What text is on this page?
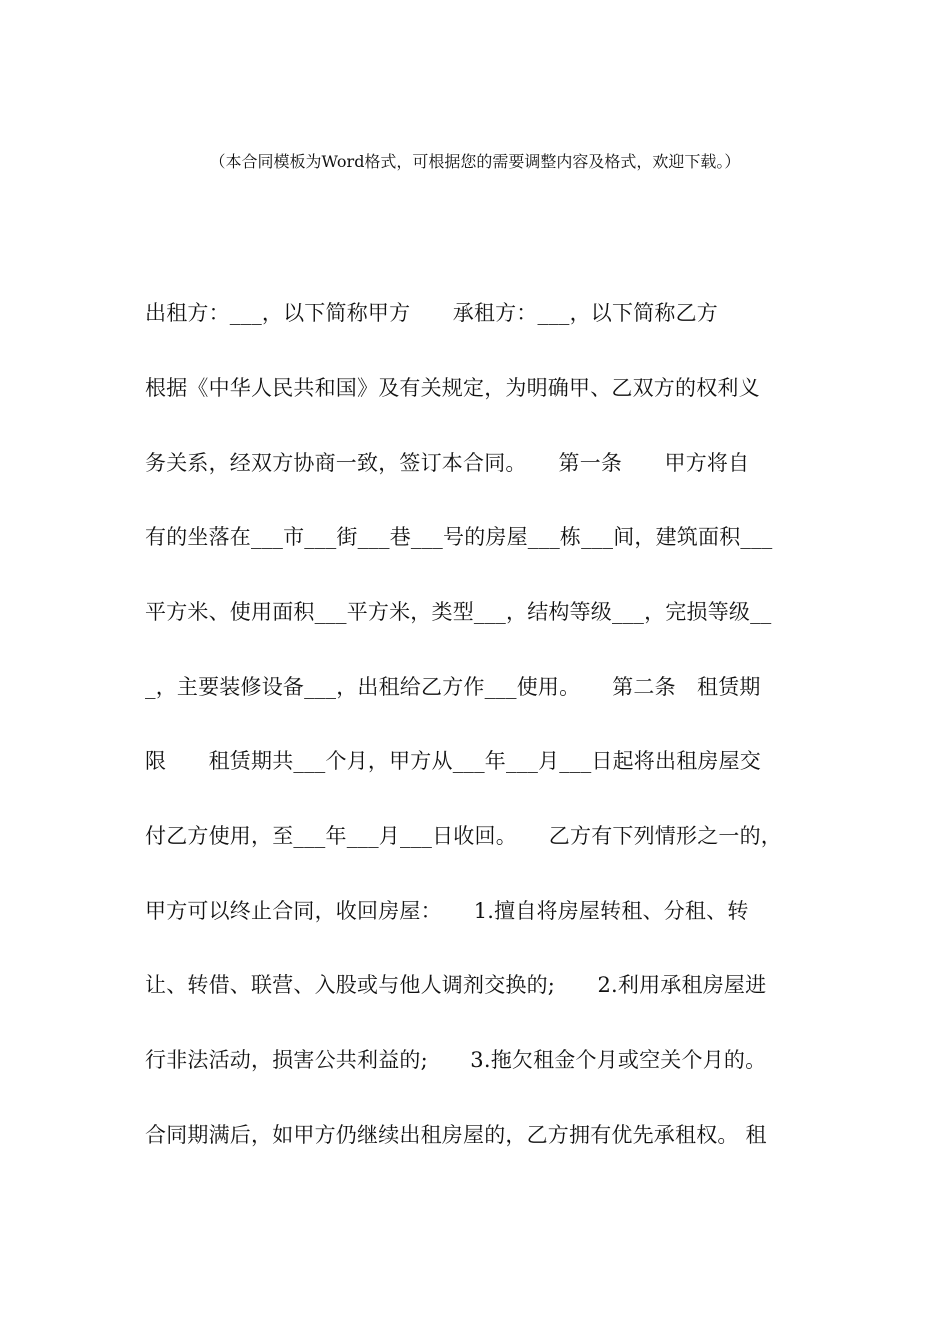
（本合同模板为Word格式，可根据您的需要调整内容及格式，欢迎下载。）
出租方：___，以下简称甲方　　承租方：___，以下简称乙方
根据《中华人民共和国》及有关规定，为明确甲、乙双方的权利义
务关系，经双方协商一致，签订本合同。　　第一条　　甲方将自
有的坐落在___市___街___巷___号的房屋___栋___间，建筑面积___
平方米、使用面积___平方米，类型___，结构等级___，完损等级__
_，主要装修设备___，出租给乙方作___使用。　　第二条　租赁期
限　　租赁期共___个月，甲方从___年___月___日起将出租房屋交
付乙方使用，至___年___月___日收回。　　乙方有下列情形之一的，
甲方可以终止合同，收回房屋：　　1.擅自将房屋转租、分租、转
让、转借、联营、入股或与他人调剂交换的;　　2.利用承租房屋进
行非法活动，损害公共利益的;　　3.拖欠租金个月或空关个月的。
合同期满后，如甲方仍继续出租房屋的，乙方拥有优先承租权。 租
